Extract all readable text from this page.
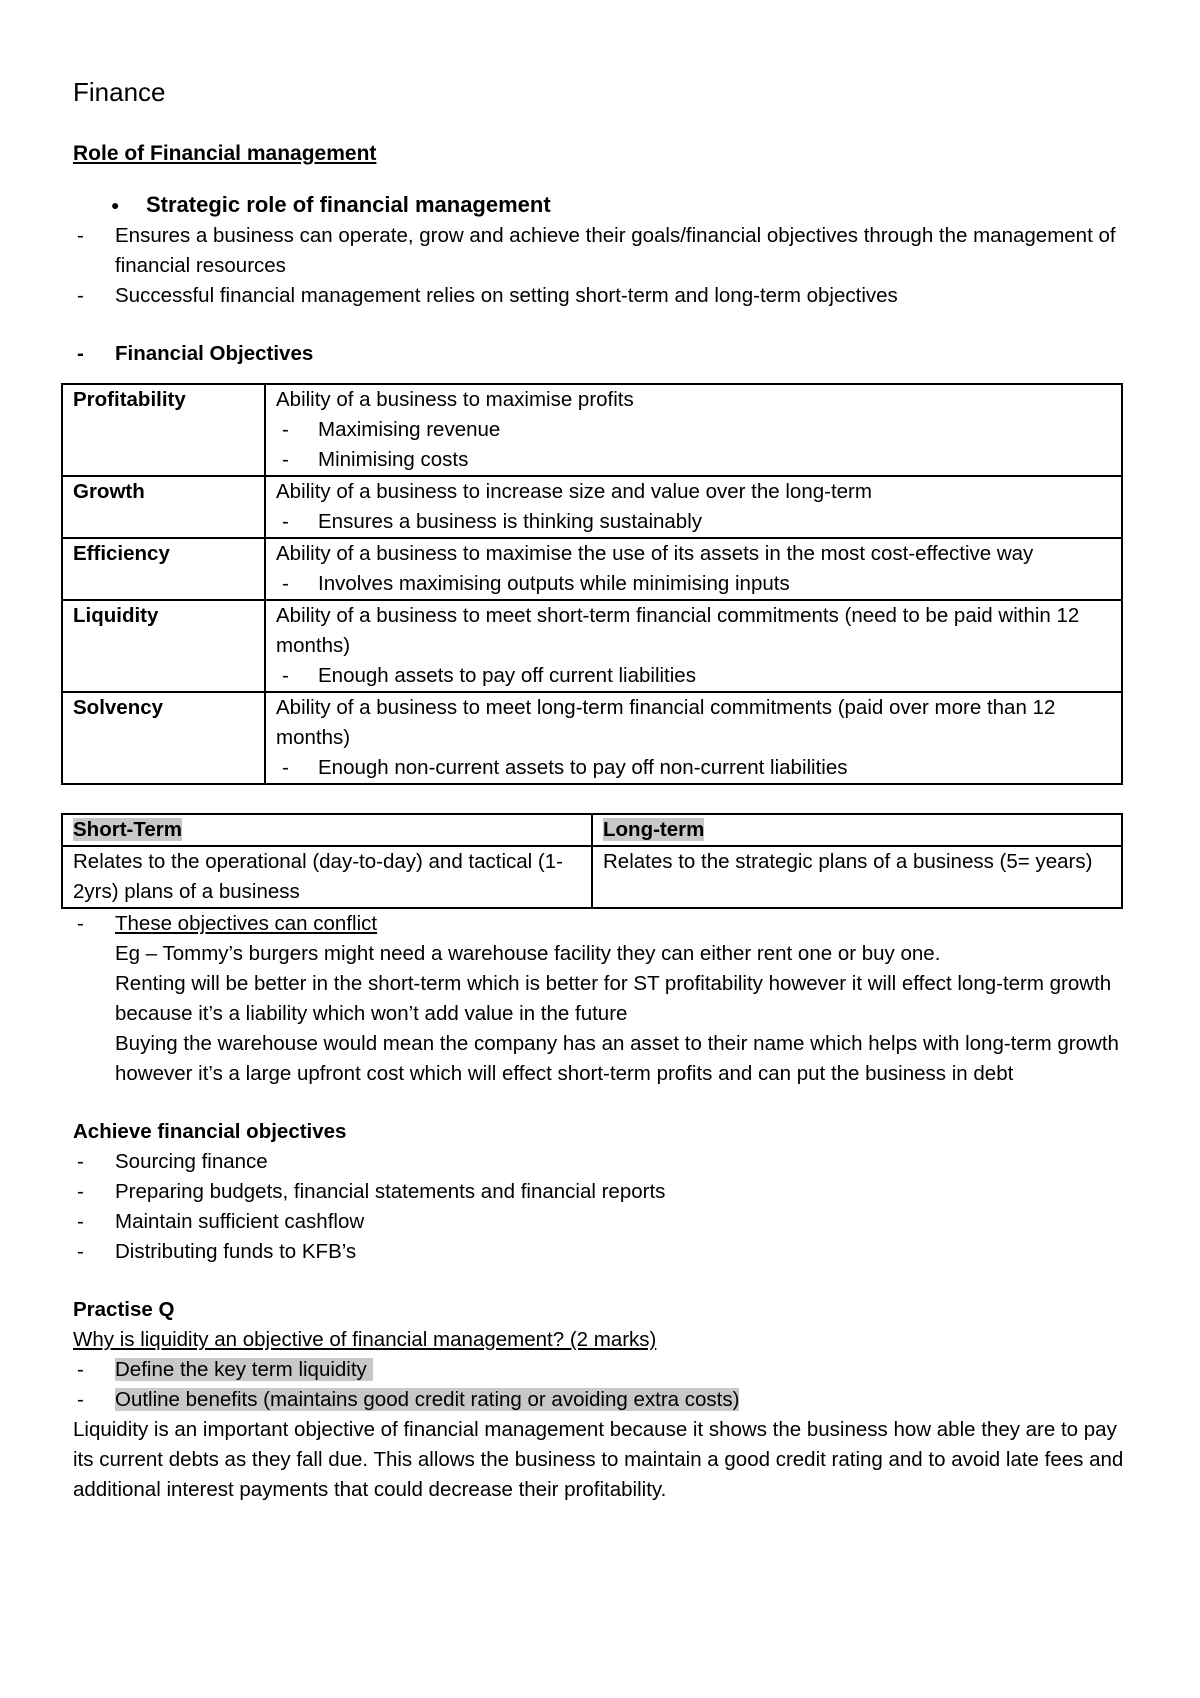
Finance
Role of Financial management
● Strategic role of financial management
- Ensures a business can operate, grow and achieve their goals/financial objectives through the management of financial resources
- Successful financial management relies on setting short-term and long-term objectives
- Financial Objectives
Profitability	Ability of a business to maximise profits
- Maximising revenue
- Minimising costs

Growth	Ability of a business to increase size and value over the long-term
- Ensures a business is thinking sustainably

Efficiency	Ability of a business to maximise the use of its assets in the most cost-effective way
- Involves maximising outputs while minimising inputs

Liquidity	Ability of a business to meet short-term financial commitments (need to be paid within 12 months)
- Enough assets to pay off current liabilities

Solvency	Ability of a business to meet long-term financial commitments (paid over more than 12 months)
- Enough non-current assets to pay off non-current liabilities
Short-Term	Long-term
Relates to the operational (day-to-day) and tactical (1-2yrs) plans of a business	Relates to the strategic plans of a business (5= years)
- These objectives can conflict
Eg – Tommy’s burgers might need a warehouse facility they can either rent one or buy one.
Renting will be better in the short-term which is better for ST profitability however it will effect long-term growth because it’s a liability which won’t add value in the future
Buying the warehouse would mean the company has an asset to their name which helps with long-term growth however it’s a large upfront cost which will effect short-term profits and can put the business in debt
Achieve financial objectives
- Sourcing finance
- Preparing budgets, financial statements and financial reports
- Maintain sufficient cashflow
- Distributing funds to KFB’s
Practise Q
Why is liquidity an objective of financial management? (2 marks)
- Define the key term liquidity
- Outline benefits (maintains good credit rating or avoiding extra costs)
Liquidity is an important objective of financial management because it shows the business how able they are to pay its current debts as they fall due. This allows the business to maintain a good credit rating and to avoid late fees and additional interest payments that could decrease their profitability.
